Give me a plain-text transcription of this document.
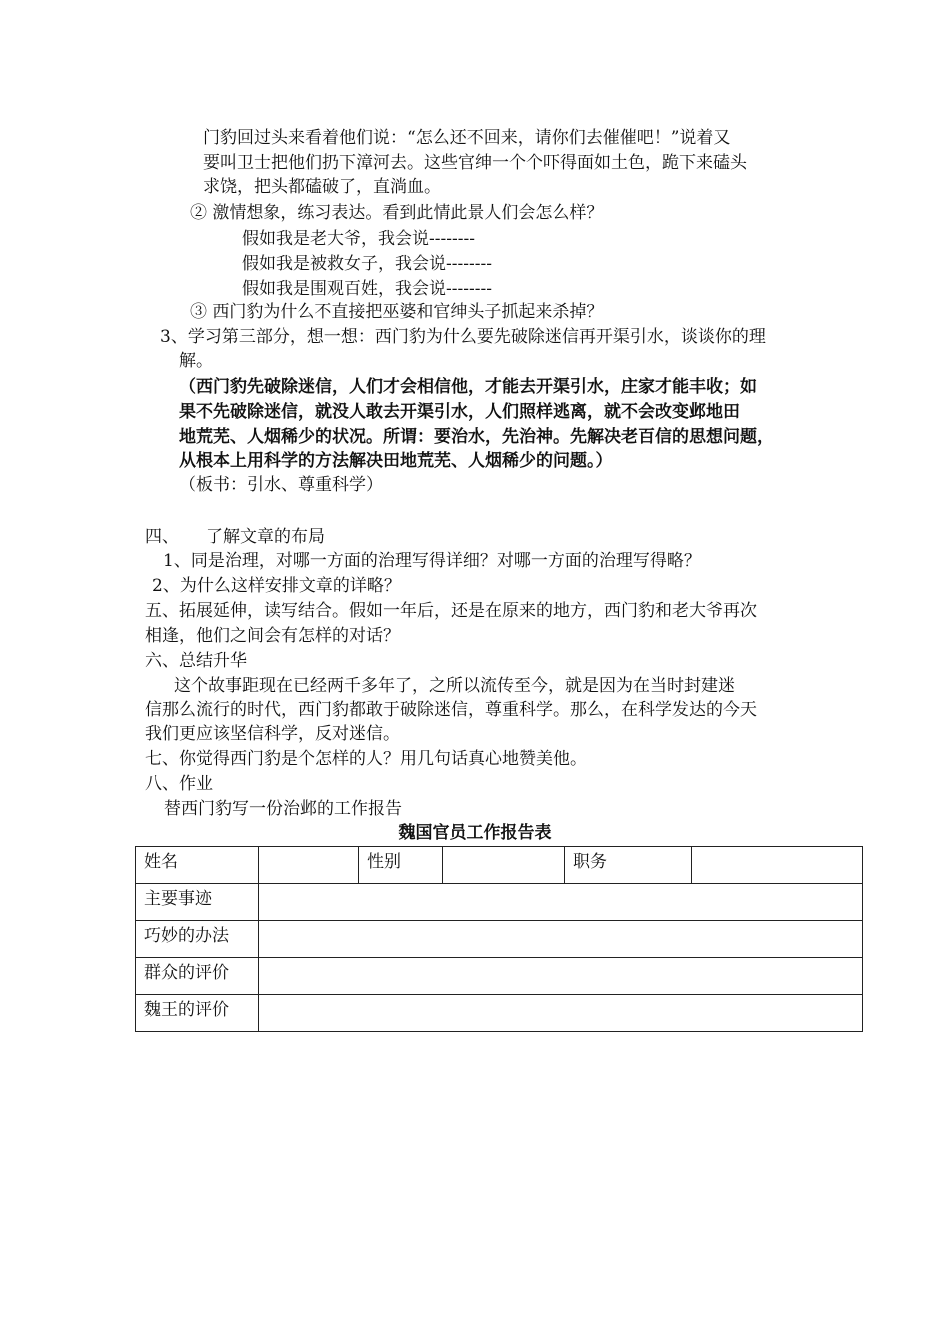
门豹回过头来看着他们说：“怎么还不回来，请你们去催催吧！”说着又
要叫卫士把他们扔下漳河去。这些官绅一个个吓得面如土色，跪下来磕头
求饶，把头都磕破了，直淌血。
② 激情想象，练习表达。看到此情此景人们会怎么样？
假如我是老大爷，我会说--------
假如我是被救女子，我会说--------
假如我是围观百姓，我会说--------
③ 西门豹为什么不直接把巫婆和官绅头子抓起来杀掉？
3、学习第三部分，想一想：西门豹为什么要先破除迷信再开渠引水，谈谈你的理
解。
（西门豹先破除迷信，人们才会相信他，才能去开渠引水，庄家才能丰收；如
果不先破除迷信，就没人敢去开渠引水，人们照样逃离，就不会改变邺地田
地荒芜、人烟稀少的状况。所谓：要治水，先治神。先解决老百信的思想问题，
从根本上用科学的方法解决田地荒芜、人烟稀少的问题。）
（板书：引水、尊重科学）
四、     了解文章的布局
1、同是治理，对哪一方面的治理写得详细？对哪一方面的治理写得略？
2、为什么这样安排文章的详略？
五、拓展延伸，读写结合。假如一年后，还是在原来的地方，西门豹和老大爷再次
相逢，他们之间会有怎样的对话？
六、总结升华
这个故事距现在已经两千多年了，之所以流传至今，就是因为在当时封建迷
信那么流行的时代，西门豹都敢于破除迷信，尊重科学。那么，在科学发达的今天
我们更应该坚信科学，反对迷信。
七、你觉得西门豹是个怎样的人？用几句话真心地赞美他。
八、作业
替西门豹写一份治邺的工作报告
魏国官员工作报告表
姓名		性别		职务	
主要事迹					
巧妙的办法					
群众的评价					
魏王的评价					
